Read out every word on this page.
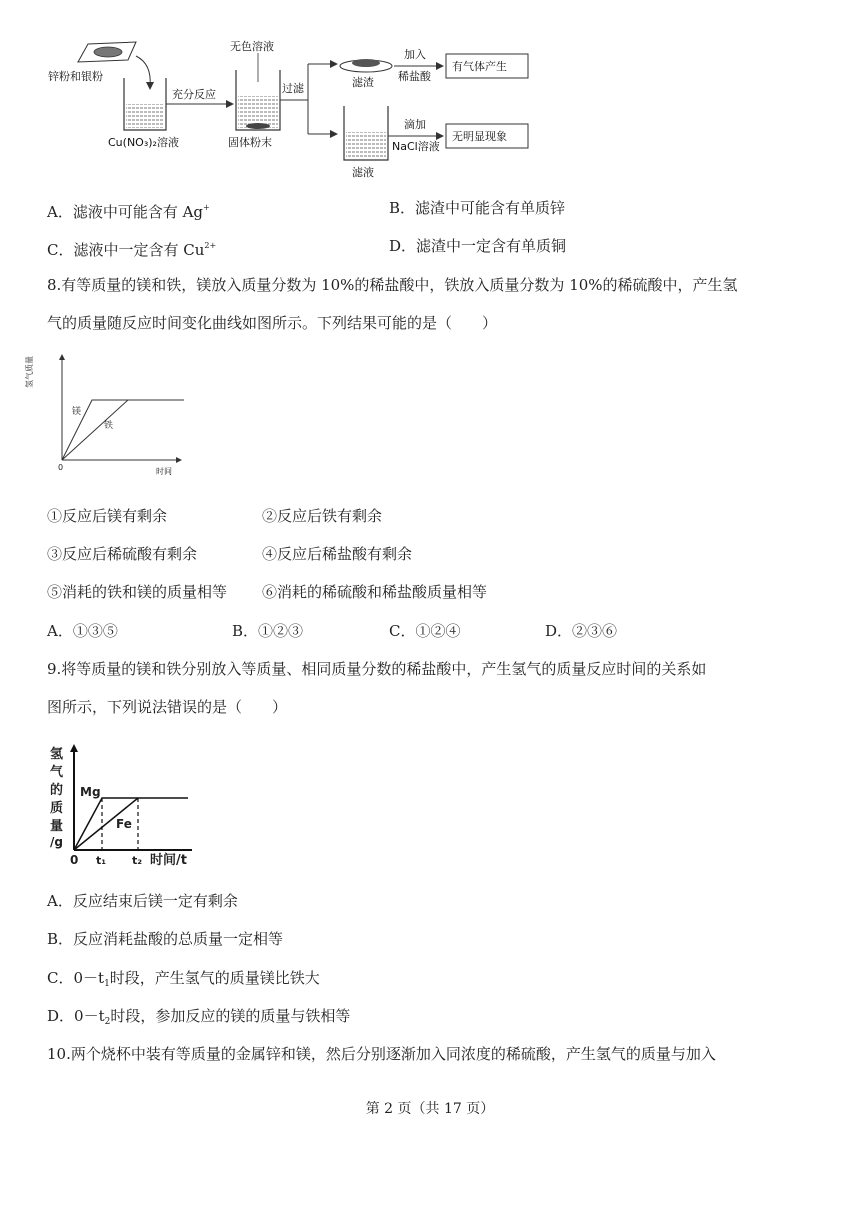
锌粉和银粉
Cu(NO₃)₂溶液
充分反应
无色溶液
固体粉末
过滤	滤渣
加入
稀盐酸
有气体产生
滤液
滴加
NaCl溶液
无明显现象
A．滤液中可能含有 Ag+	B．滤渣中可能含有单质锌
C．滤液中一定含有 $Cu^{2+}$	D．滤渣中一定含有单质铜
8.有等质量的镁和铁，镁放入质量分数为 10%的稀盐酸中，铁放入质量分数为 10%的稀硫酸中，产生氢
气的质量随反应时间变化曲线如图所示。下列结果可能的是（　　）
氢气质量
时间
0
镁
铁
①反应后镁有剩余	②反应后铁有剩余
③反应后稀硫酸有剩余	④反应后稀盐酸有剩余
⑤消耗的铁和镁的质量相等 ⑥消耗的稀硫酸和稀盐酸质量相等
A．①③⑤	B．①②③	C．①②④	D．②③⑥
9.将等质量的镁和铁分别放入等质量、相同质量分数的稀盐酸中，产生氢气的质量反应时间的关系如
图所示，下列说法错误的是（　　）
氢
气
的
质
量
/g
0 t₁ t₂ 时间/t
Mg
Fe
A．反应结束后镁一定有剩余
B．反应消耗盐酸的总质量一定相等
C．$0-t_1$时段，产生氢气的质量镁比铁大
D．$0-t_2$时段，参加反应的镁的质量与铁相等
10.两个烧杯中装有等质量的金属锌和镁，然后分别逐渐加入同浓度的稀硫酸，产生氢气的质量与加入
第 2 页（共 17 页）
